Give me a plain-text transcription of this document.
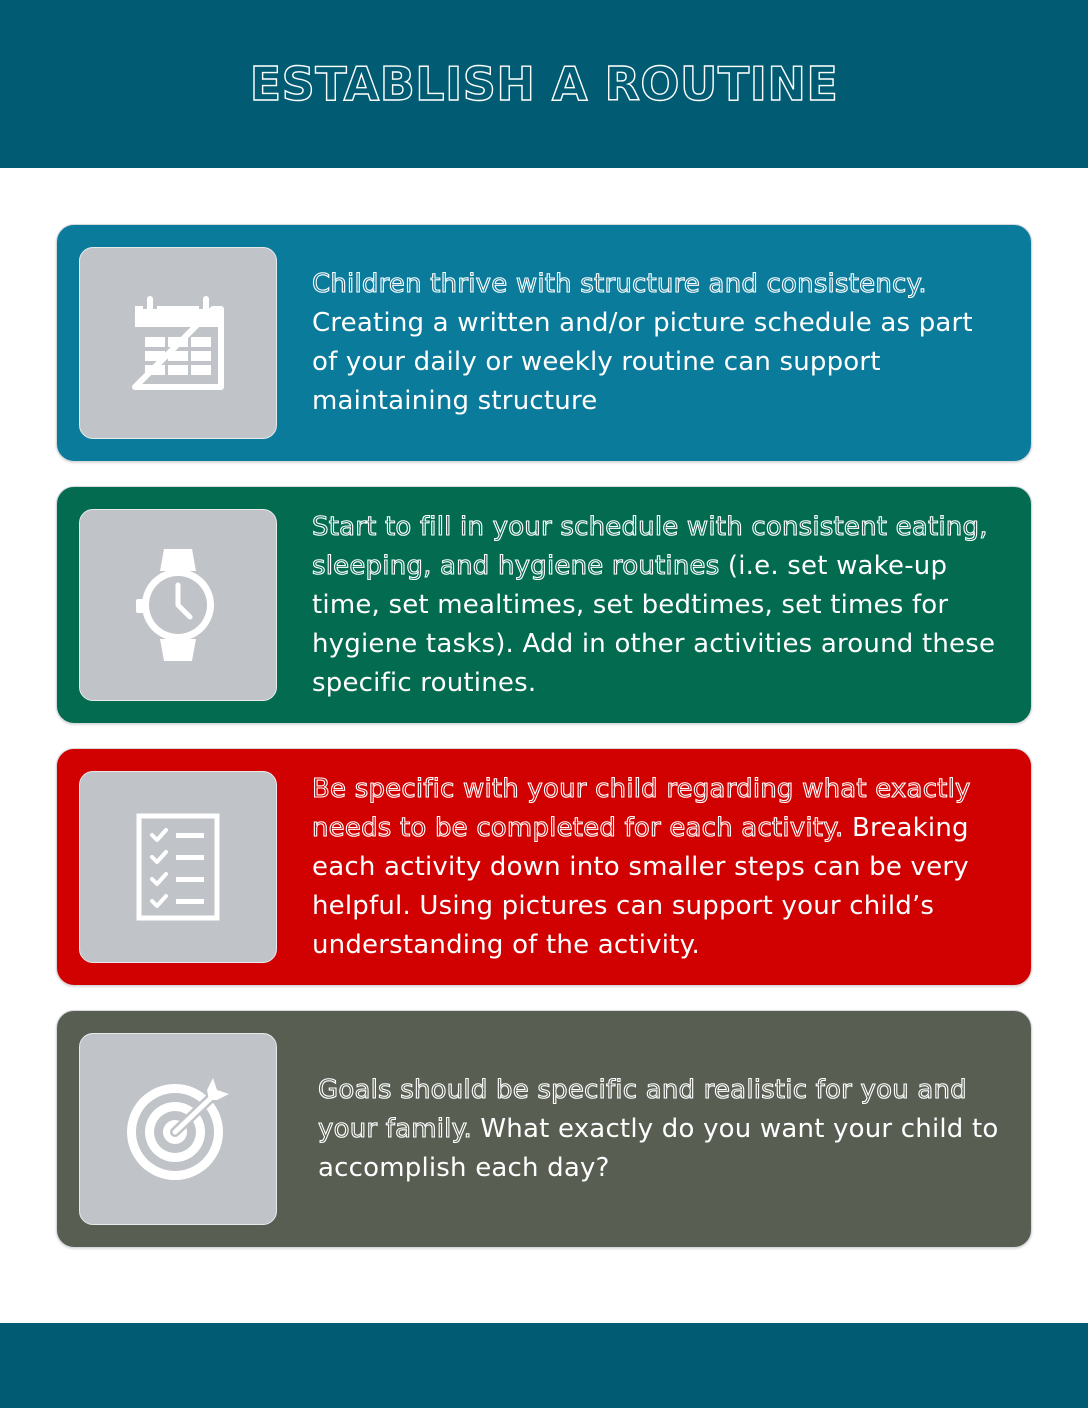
ESTABLISH A ROUTINE

Children thrive with structure and consistency. Creating a written and/or picture schedule as part of your daily or weekly routine can support maintaining structure

Start to fill in your schedule with consistent eating, sleeping, and hygiene routines (i.e. set wake-up time, set mealtimes, set bedtimes, set times for hygiene tasks). Add in other activities around these specific routines.

Be specific with your child regarding what exactly needs to be completed for each activity. Breaking each activity down into smaller steps can be very helpful. Using pictures can support your child’s understanding of the activity.

Goals should be specific and realistic for you and your family. What exactly do you want your child to accomplish each day?
